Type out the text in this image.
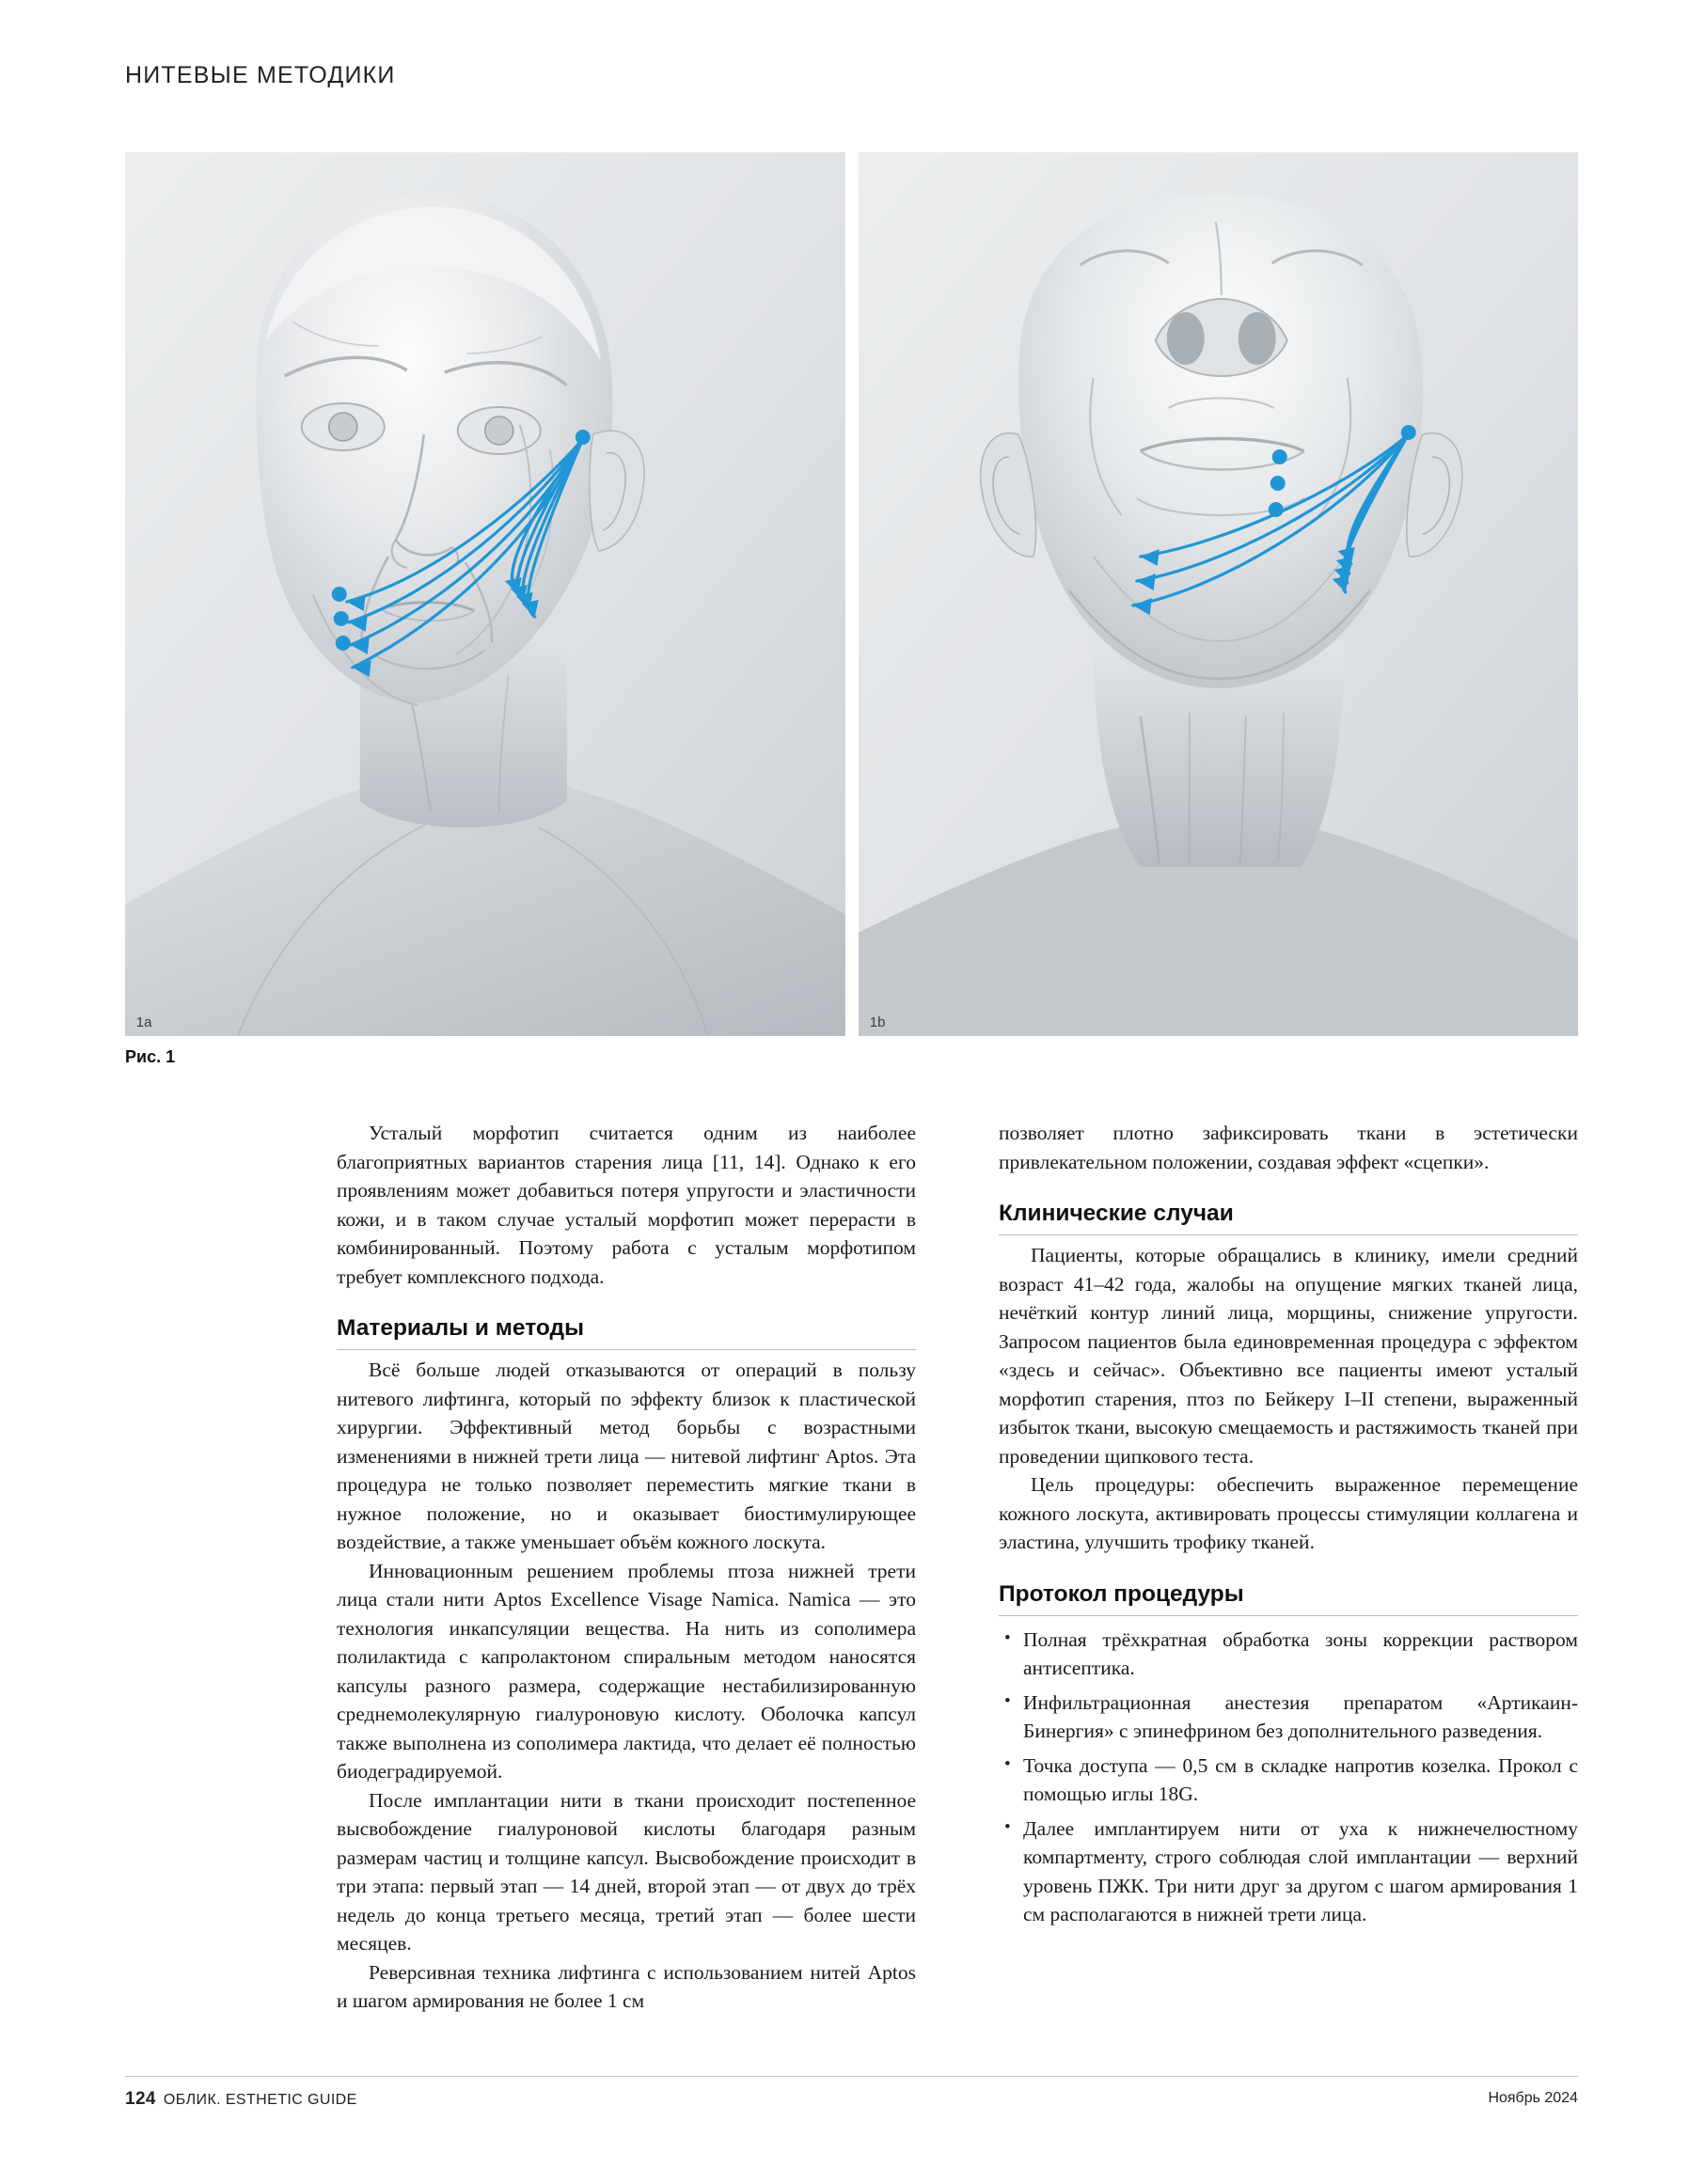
НИТЕВЫЕ МЕТОДИКИ
1a	1b
Рис. 1

Усталый морфотип считается одним из наиболее благоприятных вариантов старения лица [11, 14]. Однако к его проявлениям может добавиться потеря упругости и эластичности кожи, и в таком случае усталый морфотип может перерасти в комбинированный. Поэтому работа с усталым морфотипом требует комплексного подхода.

Материалы и методы

Всё больше людей отказываются от операций в пользу нитевого лифтинга, который по эффекту близок к пластической хирургии. Эффективный метод борьбы с возрастными изменениями в нижней трети лица — нитевой лифтинг Aptos. Эта процедура не только позволяет переместить мягкие ткани в нужное положение, но и оказывает биостимулирующее воздействие, а также уменьшает объём кожного лоскута.

Инновационным решением проблемы птоза нижней трети лица стали нити Aptos Excellence Visage Namica. Namica — это технология инкапсуляции вещества. На нить из сополимера полилактида с капролактоном спиральным методом наносятся капсулы разного размера, содержащие нестабилизированную среднемолекулярную гиалуроновую кислоту. Оболочка капсул также выполнена из сополимера лактида, что делает её полностью биодеградируемой.

После имплантации нити в ткани происходит постепенное высвобождение гиалуроновой кислоты благодаря разным размерам частиц и толщине капсул. Высвобождение происходит в три этапа: первый этап — 14 дней, второй этап — от двух до трёх недель до конца третьего месяца, третий этап — более шести месяцев.

Реверсивная техника лифтинга с использованием нитей Aptos и шагом армирования не более 1 см

позволяет плотно зафиксировать ткани в эстетически привлекательном положении, создавая эффект «сцепки».

Клинические случаи

Пациенты, которые обращались в клинику, имели средний возраст 41–42 года, жалобы на опущение мягких тканей лица, нечёткий контур линий лица, морщины, снижение упругости. Запросом пациентов была единовременная процедура с эффектом «здесь и сейчас». Объективно все пациенты имеют усталый морфотип старения, птоз по Бейкеру I–II степени, выраженный избыток ткани, высокую смещаемость и растяжимость тканей при проведении щипкового теста.

Цель процедуры: обеспечить выраженное перемещение кожного лоскута, активировать процессы стимуляции коллагена и эластина, улучшить трофику тканей.

Протокол процедуры
• Полная трёхкратная обработка зоны коррекции раствором антисептика.
• Инфильтрационная анестезия препаратом «Артикаин-Бинергия» с эпинефрином без дополнительного разведения.
• Точка доступа — 0,5 см в складке напротив козелка. Прокол с помощью иглы 18G.
• Далее имплантируем нити от уха к нижнечелюстному компартменту, строго соблюдая слой имплантации — верхний уровень ПЖК. Три нити друг за другом с шагом армирования 1 см располагаются в нижней трети лица.
124 ОБЛИК. ESTHETIC GUIDE	Ноябрь 2024
